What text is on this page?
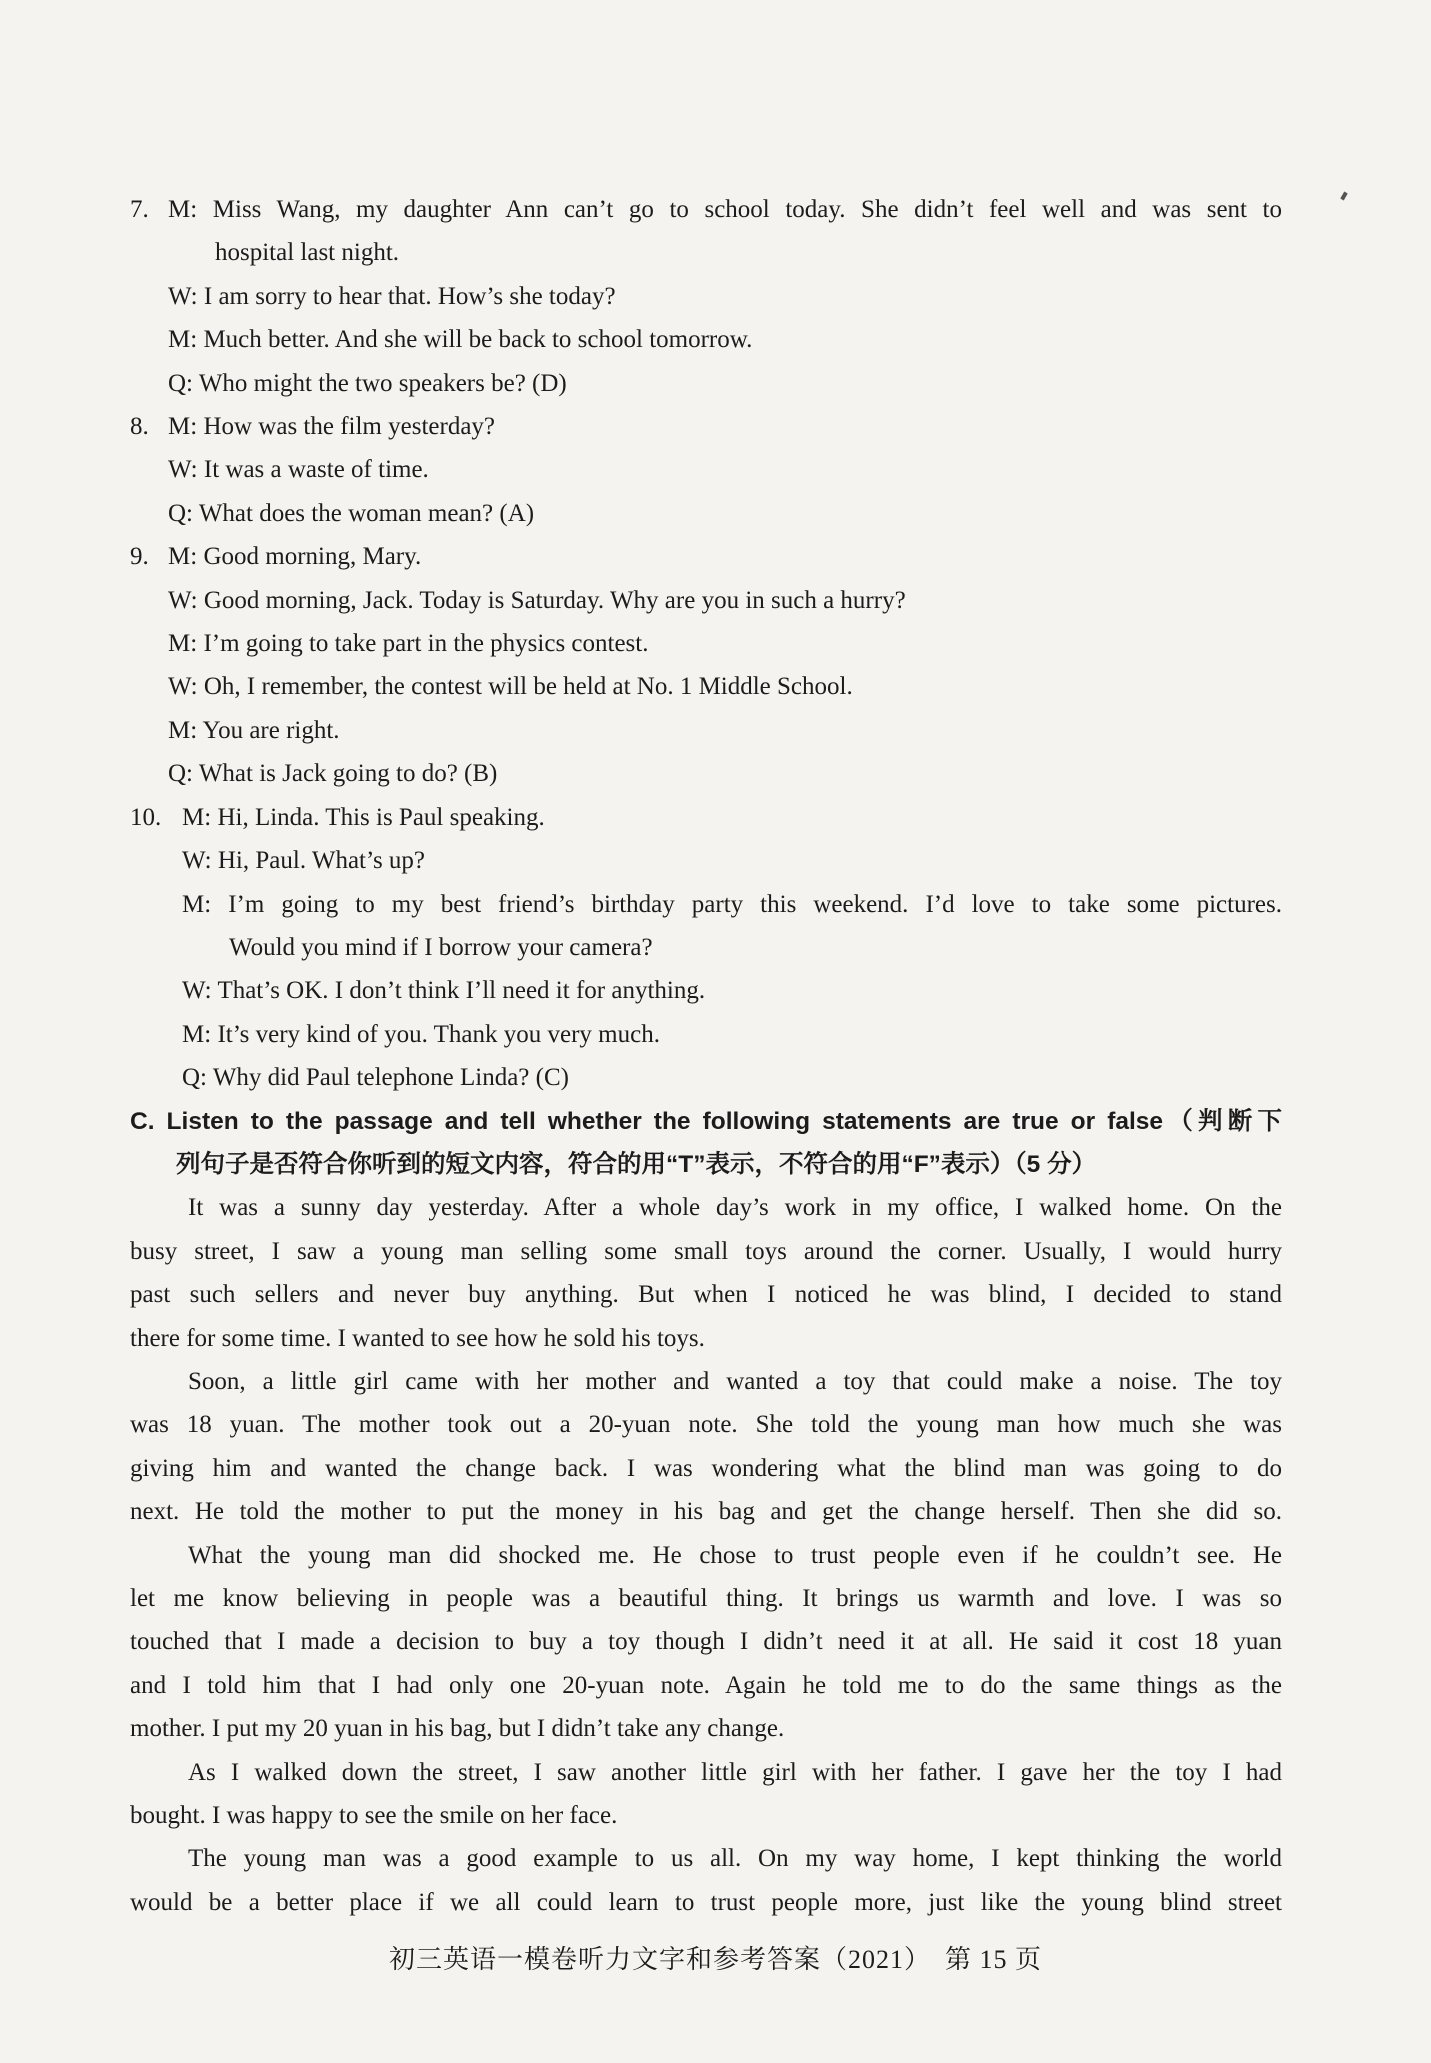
7. M: Miss Wang, my daughter Ann can’t go to school today. She didn’t feel well and was sent to
hospital last night.
W: I am sorry to hear that. How’s she today?
M: Much better. And she will be back to school tomorrow.
Q: Who might the two speakers be? (D)
8. M: How was the film yesterday?
W: It was a waste of time.
Q: What does the woman mean? (A)
9. M: Good morning, Mary.
W: Good morning, Jack. Today is Saturday. Why are you in such a hurry?
M: I’m going to take part in the physics contest.
W: Oh, I remember, the contest will be held at No. 1 Middle School.
M: You are right.
Q: What is Jack going to do? (B)
10. M: Hi, Linda. This is Paul speaking.
W: Hi, Paul. What’s up?
M: I’m going to my best friend’s birthday party this weekend. I’d love to take some pictures.
Would you mind if I borrow your camera?
W: That’s OK. I don’t think I’ll need it for anything.
M: It’s very kind of you. Thank you very much.
Q: Why did Paul telephone Linda? (C)
C. Listen to the passage and tell whether the following statements are true or false（判断下
列句子是否符合你听到的短文内容，符合的用“T”表示，不符合的用“F”表示）（5 分）
It was a sunny day yesterday. After a whole day’s work in my office, I walked home. On the
busy street, I saw a young man selling some small toys around the corner. Usually, I would hurry
past such sellers and never buy anything. But when I noticed he was blind, I decided to stand
there for some time. I wanted to see how he sold his toys.
Soon, a little girl came with her mother and wanted a toy that could make a noise. The toy
was 18 yuan. The mother took out a 20-yuan note. She told the young man how much she was
giving him and wanted the change back. I was wondering what the blind man was going to do
next. He told the mother to put the money in his bag and get the change herself. Then she did so.
What the young man did shocked me. He chose to trust people even if he couldn’t see. He
let me know believing in people was a beautiful thing. It brings us warmth and love. I was so
touched that I made a decision to buy a toy though I didn’t need it at all. He said it cost 18 yuan
and I told him that I had only one 20-yuan note. Again he told me to do the same things as the
mother. I put my 20 yuan in his bag, but I didn’t take any change.
As I walked down the street, I saw another little girl with her father. I gave her the toy I had
bought. I was happy to see the smile on her face.
The young man was a good example to us all. On my way home, I kept thinking the world
would be a better place if we all could learn to trust people more, just like the young blind street
初三英语一模卷听力文字和参考答案（2021）　第 15 页
